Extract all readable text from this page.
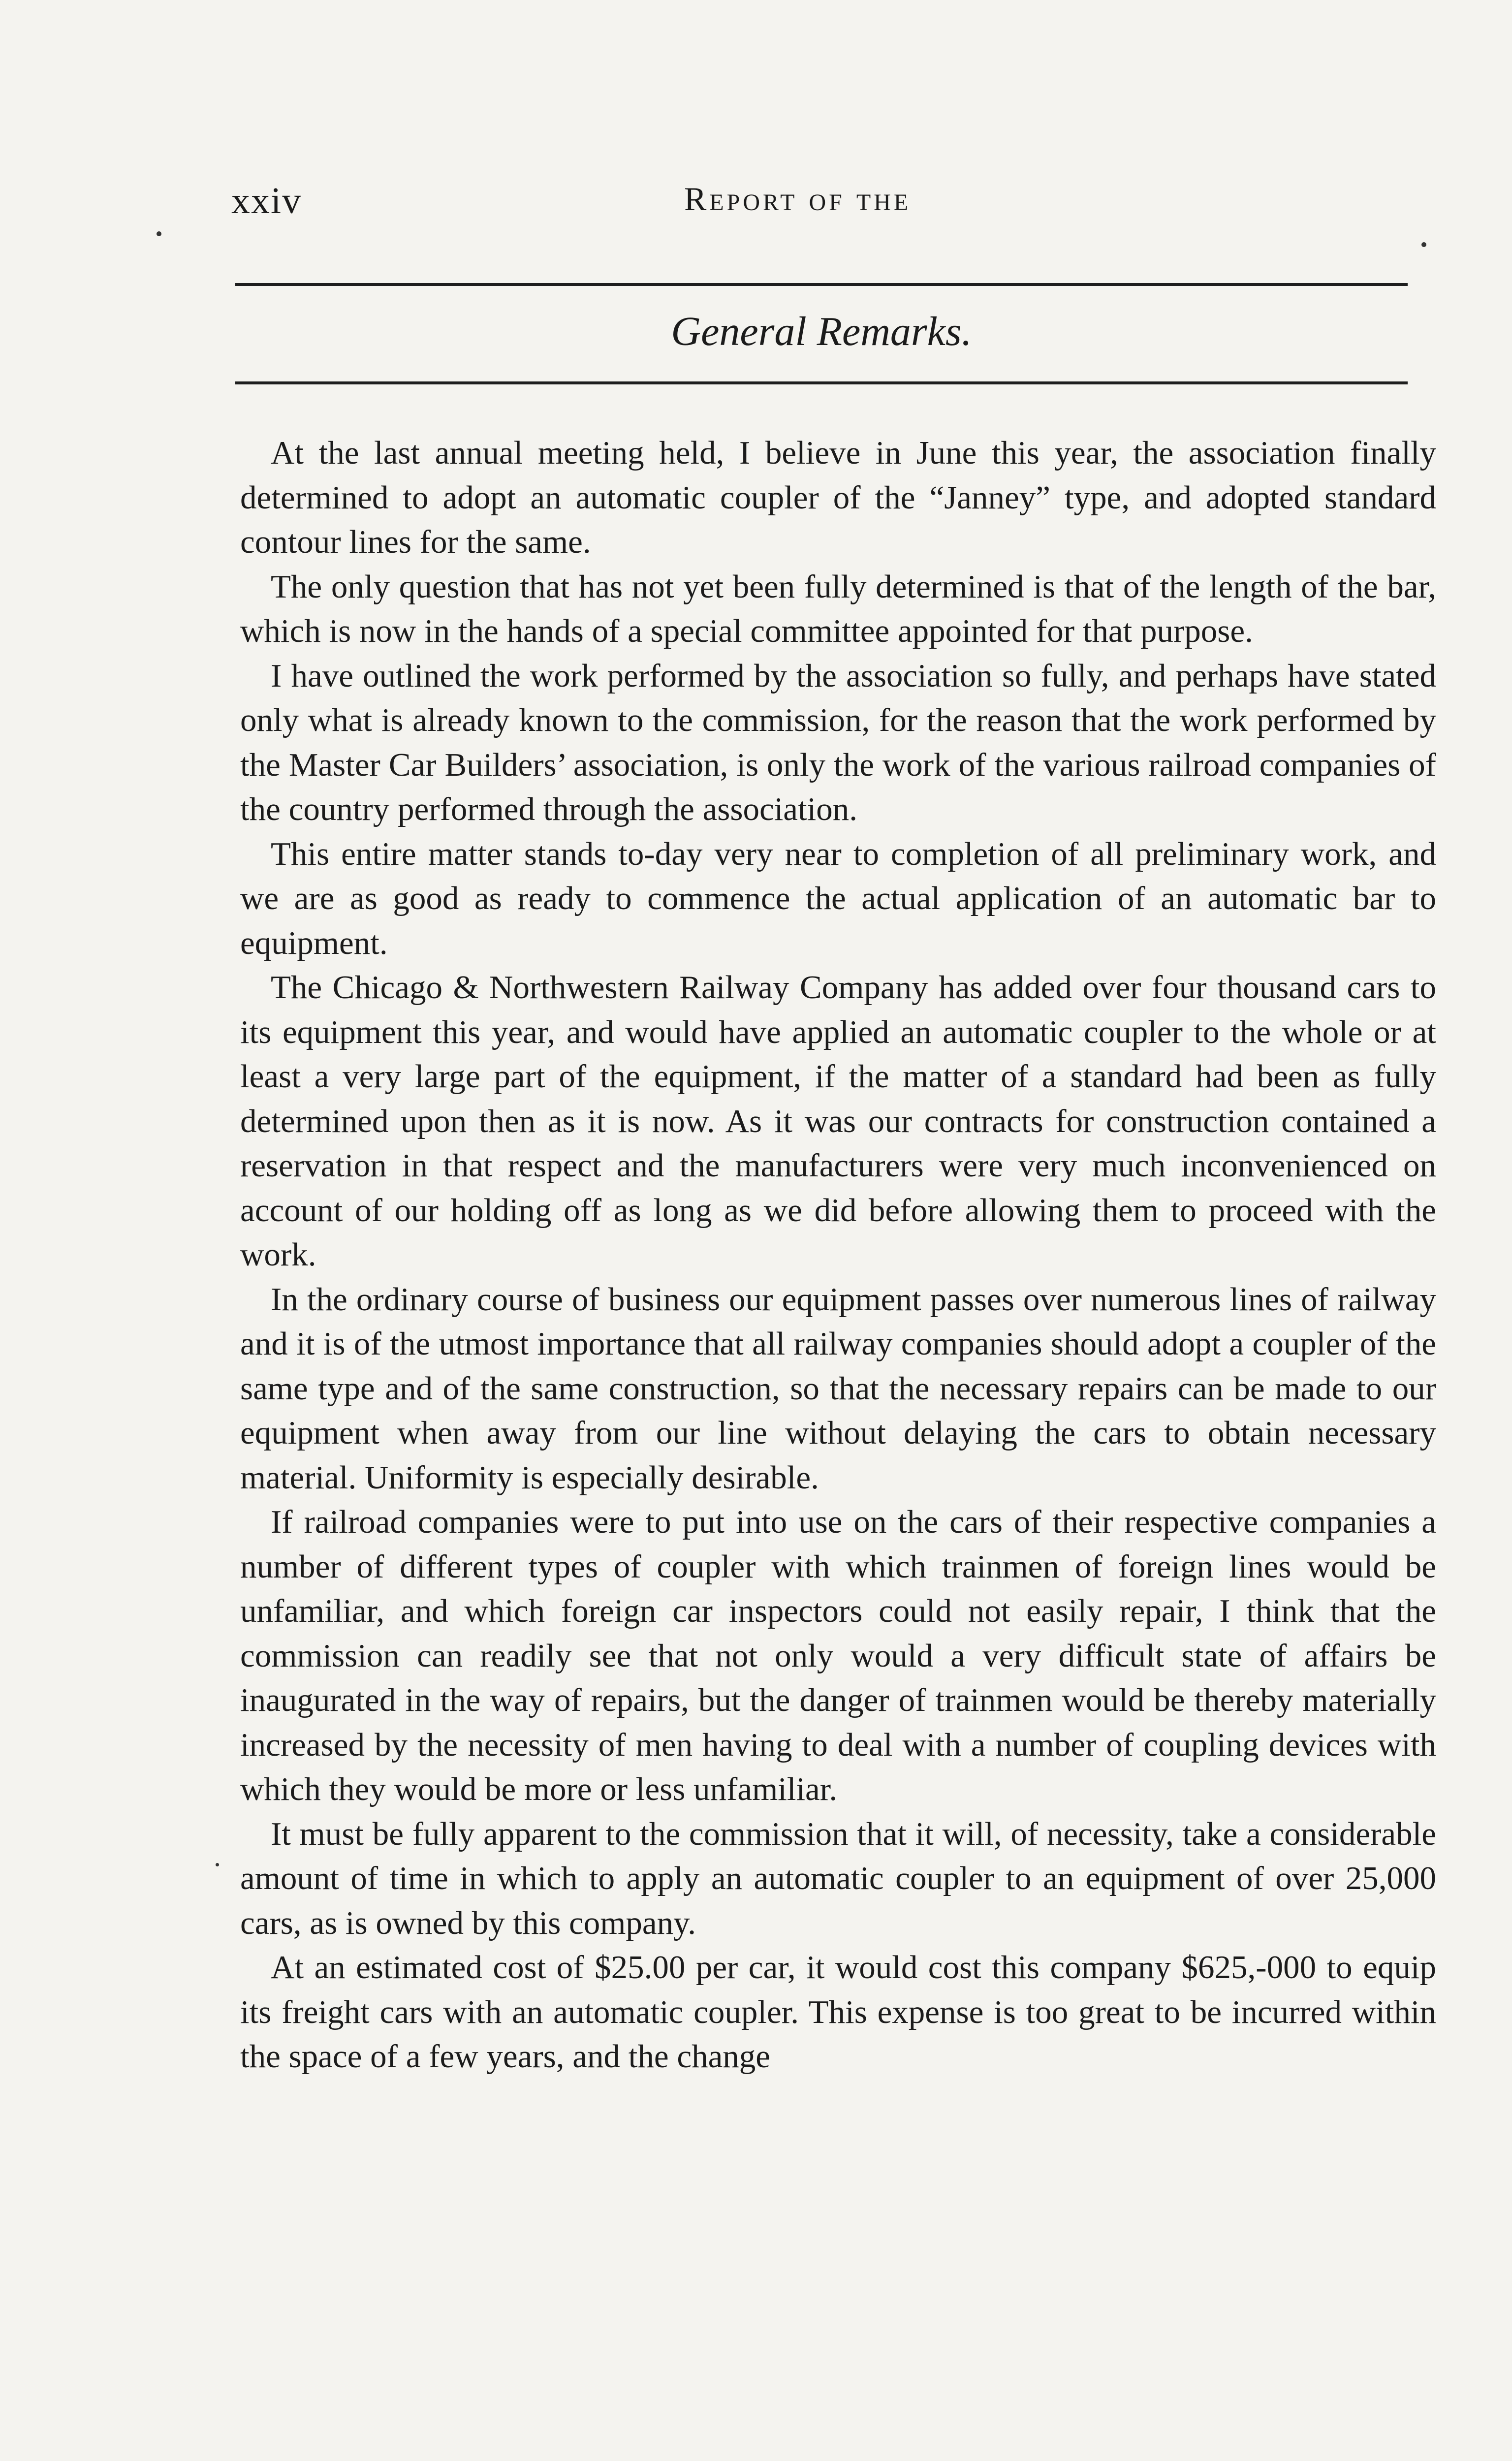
xxiv	Report of the
General Remarks.

At the last annual meeting held, I believe in June this year, the association finally determined to adopt an automatic coupler of the “Janney” type, and adopted standard contour lines for the same.

The only question that has not yet been fully determined is that of the length of the bar, which is now in the hands of a special committee appointed for that purpose.

I have outlined the work performed by the association so fully, and perhaps have stated only what is already known to the commission, for the reason that the work performed by the Master Car Builders’ association, is only the work of the various railroad companies of the country performed through the association.

This entire matter stands to-day very near to completion of all preliminary work, and we are as good as ready to commence the actual application of an automatic bar to equipment.

The Chicago & Northwestern Railway Company has added over four thousand cars to its equipment this year, and would have applied an automatic coupler to the whole or at least a very large part of the equipment, if the matter of a standard had been as fully determined upon then as it is now. As it was our contracts for construction contained a reservation in that respect and the manufacturers were very much inconvenienced on account of our holding off as long as we did before allowing them to proceed with the work.

In the ordinary course of business our equipment passes over numerous lines of railway and it is of the utmost importance that all railway companies should adopt a coupler of the same type and of the same construction, so that the necessary repairs can be made to our equipment when away from our line without delaying the cars to obtain necessary material. Uniformity is especially desirable.

If railroad companies were to put into use on the cars of their respective companies a number of different types of coupler with which trainmen of foreign lines would be unfamiliar, and which foreign car inspectors could not easily repair, I think that the commission can readily see that not only would a very difficult state of affairs be inaugurated in the way of repairs, but the danger of trainmen would be thereby materially increased by the necessity of men having to deal with a number of coupling devices with which they would be more or less unfamiliar.

It must be fully apparent to the commission that it will, of necessity, take a considerable amount of time in which to apply an automatic coupler to an equipment of over 25,000 cars, as is owned by this company.

At an estimated cost of $25.00 per car, it would cost this company $625,-000 to equip its freight cars with an automatic coupler. This expense is too great to be incurred within the space of a few years, and the change
